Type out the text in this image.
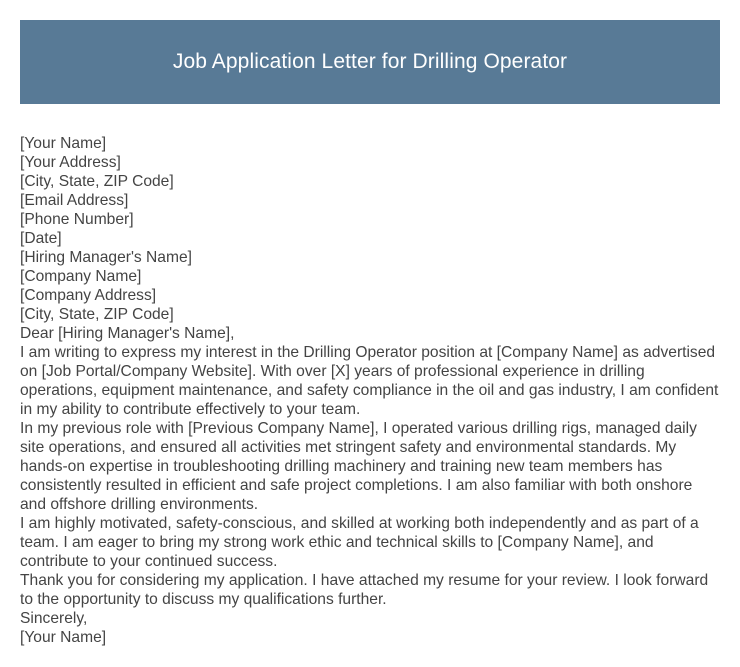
Job Application Letter for Drilling Operator
[Your Name]
[Your Address]
[City, State, ZIP Code]
[Email Address]
[Phone Number]
[Date]
[Hiring Manager's Name]
[Company Name]
[Company Address]
[City, State, ZIP Code]
Dear [Hiring Manager's Name],

I am writing to express my interest in the Drilling Operator position at [Company Name] as advertised on [Job Portal/Company Website]. With over [X] years of professional experience in drilling operations, equipment maintenance, and safety compliance in the oil and gas industry, I am confident in my ability to contribute effectively to your team.

In my previous role with [Previous Company Name], I operated various drilling rigs, managed daily site operations, and ensured all activities met stringent safety and environmental standards. My hands-on expertise in troubleshooting drilling machinery and training new team members has consistently resulted in efficient and safe project completions. I am also familiar with both onshore and offshore drilling environments.

I am highly motivated, safety-conscious, and skilled at working both independently and as part of a team. I am eager to bring my strong work ethic and technical skills to [Company Name], and contribute to your continued success.

Thank you for considering my application. I have attached my resume for your review. I look forward to the opportunity to discuss my qualifications further.

Sincerely,
[Your Name]
